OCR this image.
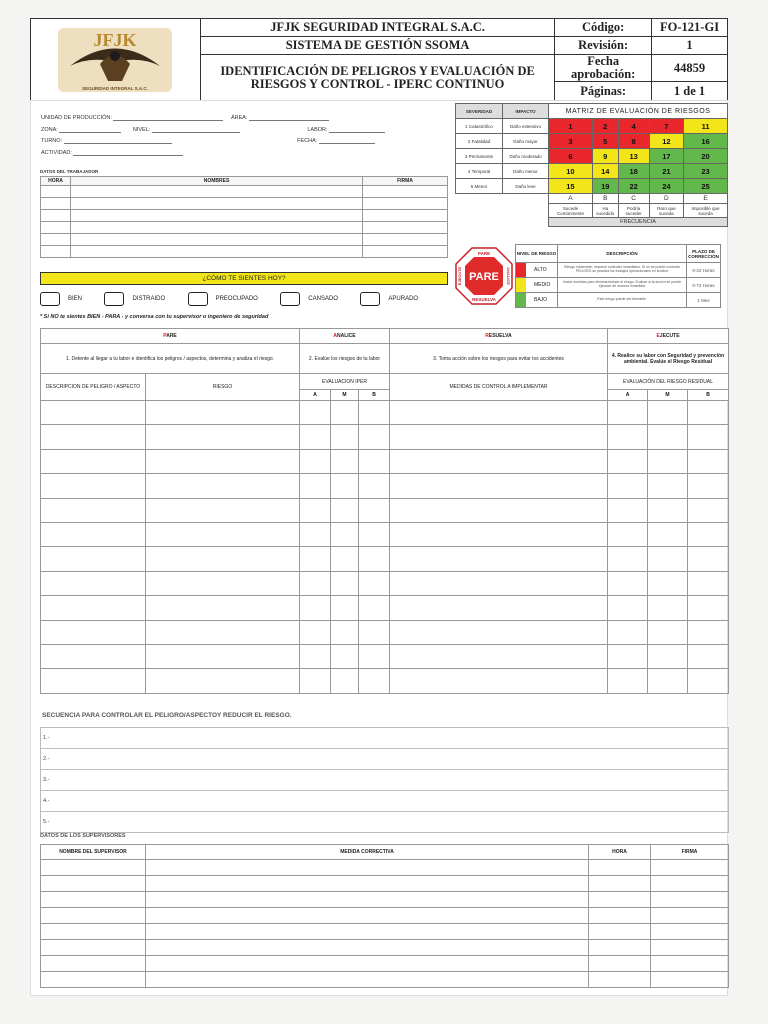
JFJK
SEGURIDAD INTEGRAL S.A.C.	JFJK SEGURIDAD INTEGRAL S.A.C.	Código:	FO-121-GI
	SISTEMA DE GESTIÓN SSOMA	Revisión:	1
	IDENTIFICACIÓN DE PELIGROS Y EVALUACIÓN DE RIESGOS Y CONTROL - IPERC CONTINUO	Fecha aprobación:	44859
		Páginas:	1 de 1
UNIDAD DE PRODUCCIÓN:	ÁREA:
ZONA:	NIVEL:	LABOR:
TURNO:	FECHA:
ACTIVIDAD:
DATOS DEL TRABAJADOR
HORA	NOMBRES	FIRMA

SEVERIDAD	IMPACTO	MATRIZ DE EVALUACIÓN DE RIESGOS				
1 Catastrófico	Daño extensivo	1	2	4	7	11
2 Fatalidad	Daño mayor	3	5	8	12	16
3 Permanente	Daño moderado	6	9	13	17	20
4 Temporal	Daño menor	10	14	18	21	23
5 Menor	Daño leve	15	19	22	24	25
		A	B	C	D	E
		Sucede Comúnmente	Ha sucedido	Podría suceder	Raro que suceda	Imposible que suceda
		FRECUENCIA				
PARE
PARE
RESUELVA
EJECUTE	ANALICE
NIVEL DE RIESGO	DESCRIPCIÓN	PLAZO DE CORRECCIÓN
ALTO	Riesgo intolerable, requiere controles inmediatos. Si no se puede controlar PELIGRO se paraliza los trabajos operacionales en la labor	0-24 Horas
MEDIO	Iniciar medidas para eliminar/reducir el riesgo. Evaluar si la acción se puede ejecutar de manera inmediata	0-72 Horas
BAJO	Este riesgo puede ser tolerable.	1 Mes
¿CÓMO TE SIENTES HOY?
BIEN	DISTRAIDO	PREOCUPADO	CANSADO	APURADO
* Si NO te sientes BIEN - PARA - y conversa con tu supervisor o ingeniero de seguridad
PARE		ANALICE			RESUELVA	EJECUTE		
1. Detente al llegar a tu labor e identifica los peligros / aspectos, determina y analiza el riesgo.		2. Evalúe los riesgos de tu labor			3. Toma acción sobre los riesgos para evitar los accidentes	4. Realice su labor con Seguridad y prevención ambiental. Evalúe el Riesgo Residual		
DESCRIPCION DE PELIGRO / ASPECTO	RIESGO	EVALUACION IPER			MEDIDAS DE CONTROL A IMPLEMENTAR	EVALUACIÓN DEL RIESGO RESIDUAL		
		A	M	B		A	M	B

SECUENCIA PARA CONTROLAR EL PELIGRO/ASPECTOY REDUCIR EL RIESGO.
1.-
2.-
3.-
4.-
5.-
DATOS DE LOS SUPERVISORES
NOMBRE DEL SUPERVISOR	MEDIDA CORRECTIVA	HORA	FIRMA
